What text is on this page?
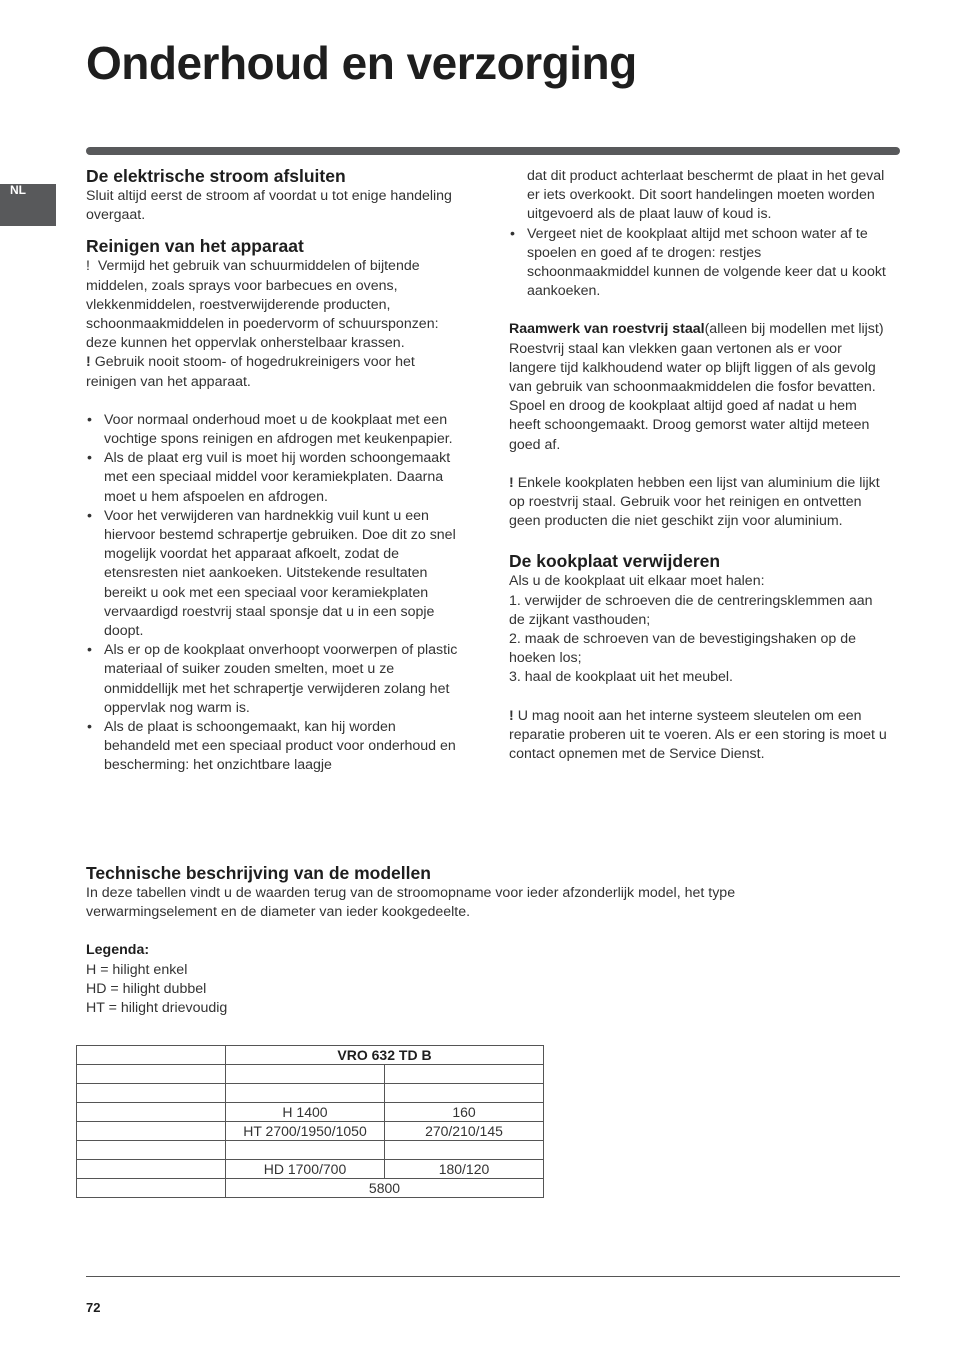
Onderhoud en verzorging
NL
De elektrische stroom afsluiten

Sluit altijd eerst de stroom af voordat u tot enige handeling overgaat.

Reinigen van het apparaat

! Vermijd het gebruik van schuurmiddelen of bijtende middelen, zoals sprays voor barbecues en ovens, vlekkenmiddelen, roestverwijderende producten, schoonmaakmiddelen in poedervorm of schuursponzen: deze kunnen het oppervlak onherstelbaar krassen.

! Gebruik nooit stoom- of hogedrukreinigers voor het reinigen van het apparaat.

• Voor normaal onderhoud moet u de kookplaat met een vochtige spons reinigen en afdrogen met keukenpapier.
• Als de plaat erg vuil is moet hij worden schoongemaakt met een speciaal middel voor keramiekplaten. Daarna moet u hem afspoelen en afdrogen.
• Voor het verwijderen van hardnekkig vuil kunt u een hiervoor bestemd schrapertje gebruiken. Doe dit zo snel mogelijk voordat het apparaat afkoelt, zodat de etensresten niet aankoeken. Uitstekende resultaten bereikt u ook met een speciaal voor keramiekplaten vervaardigd roestvrij staal sponsje dat u in een sopje doopt.
• Als er op de kookplaat onverhoopt voorwerpen of plastic materiaal of suiker zouden smelten, moet u ze onmiddellijk met het schrapertje verwijderen zolang het oppervlak nog warm is.
• Als de plaat is schoongemaakt, kan hij worden behandeld met een speciaal product voor onderhoud en bescherming: het onzichtbare laagje

dat dit product achterlaat beschermt de plaat in het geval er iets overkookt. Dit soort handelingen moeten worden uitgevoerd als de plaat lauw of koud is.

• Vergeet niet de kookplaat altijd met schoon water af te spoelen en goed af te drogen: restjes schoonmaakmiddel kunnen de volgende keer dat u kookt aankoeken.

Raamwerk van roestvrij staal(alleen bij modellen met lijst)

Roestvrij staal kan vlekken gaan vertonen als er voor langere tijd kalkhoudend water op blijft liggen of als gevolg van gebruik van schoonmaakmiddelen die fosfor bevatten.

Spoel en droog de kookplaat altijd goed af nadat u hem heeft schoongemaakt. Droog gemorst water altijd meteen goed af.

! Enkele kookplaten hebben een lijst van aluminium die lijkt op roestvrij staal. Gebruik voor het reinigen en ontvetten geen producten die niet geschikt zijn voor aluminium.

De kookplaat verwijderen

Als u de kookplaat uit elkaar moet halen:

1. verwijder de schroeven die de centreringsklemmen aan de zijkant vasthouden;

2. maak de schroeven van de bevestigingshaken op de hoeken los;

3. haal de kookplaat uit het meubel.

! U mag nooit aan het interne systeem sleutelen om een reparatie proberen uit te voeren. Als er een storing is moet u contact opnemen met de Service Dienst.

Technische beschrijving van de modellen

In deze tabellen vindt u de waarden terug van de stroomopname voor ieder afzonderlijk model, het type verwarmingselement en de diameter van ieder kookgedeelte.

Legenda:

H = hilight enkel

HD = hilight dubbel

HT = hilight drievoudig

	VRO 632 TD B	

	H 1400	160
	HT 2700/1950/1050	270/210/145

	HD 1700/700	180/120
	5800	
72
